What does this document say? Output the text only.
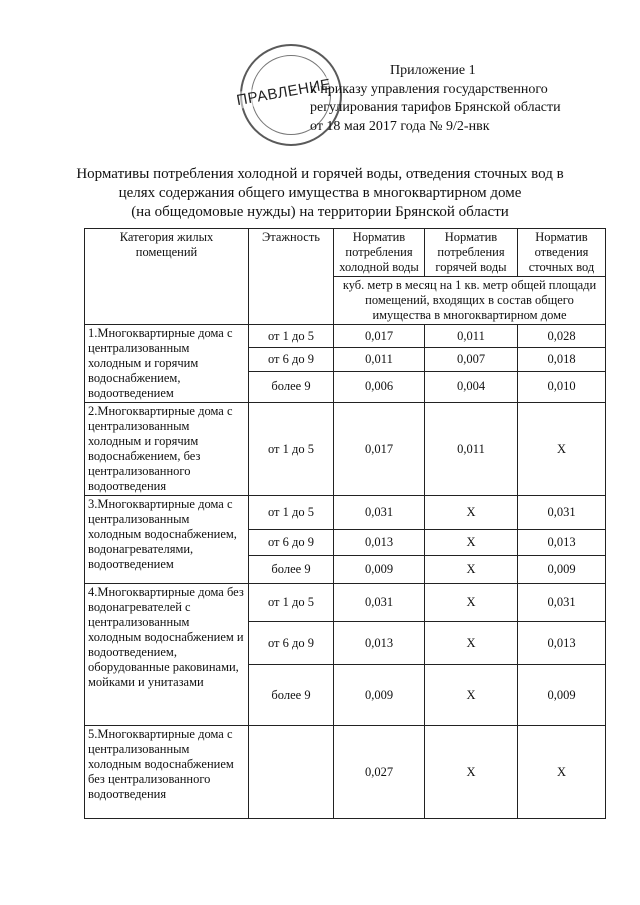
ПРАВЛЕНИЕ
Приложение 1
к приказу управления государственного
регулирования тарифов Брянской области
от 18 мая 2017 года № 9/2-нвк
Нормативы потребления холодной и горячей воды, отведения сточных вод в
целях содержания общего имущества в многоквартирном доме
(на общедомовые нужды) на территории Брянской области
Категория жилых помещений	Этажность	Норматив потребления холодной воды	Норматив потребления горячей воды	Норматив отведения сточных вод
		куб. метр в месяц на 1 кв. метр общей площади помещений, входящих в состав общего имущества в многоквартирном доме		
1.Многоквартирные дома с централизованным холодным и горячим водоснабжением, водоотведением	от 1 до 5	0,017	0,011	0,028
	от 6 до 9	0,011	0,007	0,018
	более 9	0,006	0,004	0,010
2.Многоквартирные дома с централизованным холодным и горячим водоснабжением, без централизованного водоотведения	от 1 до 5	0,017	0,011	X
3.Многоквартирные дома с централизованным холодным водоснабжением, водонагревателями, водоотведением	от 1 до 5	0,031	X	0,031
	от 6 до 9	0,013	X	0,013
	более 9	0,009	X	0,009
4.Многоквартирные дома без водонагревателей с централизованным холодным водоснабжением и водоотведением, оборудованные раковинами, мойками и унитазами	от 1 до 5	0,031	X	0,031
	от 6 до 9	0,013	X	0,013
	более 9	0,009	X	0,009
5.Многоквартирные дома с централизованным холодным водоснабжением без централизованного водоотведения		0,027	X	X
